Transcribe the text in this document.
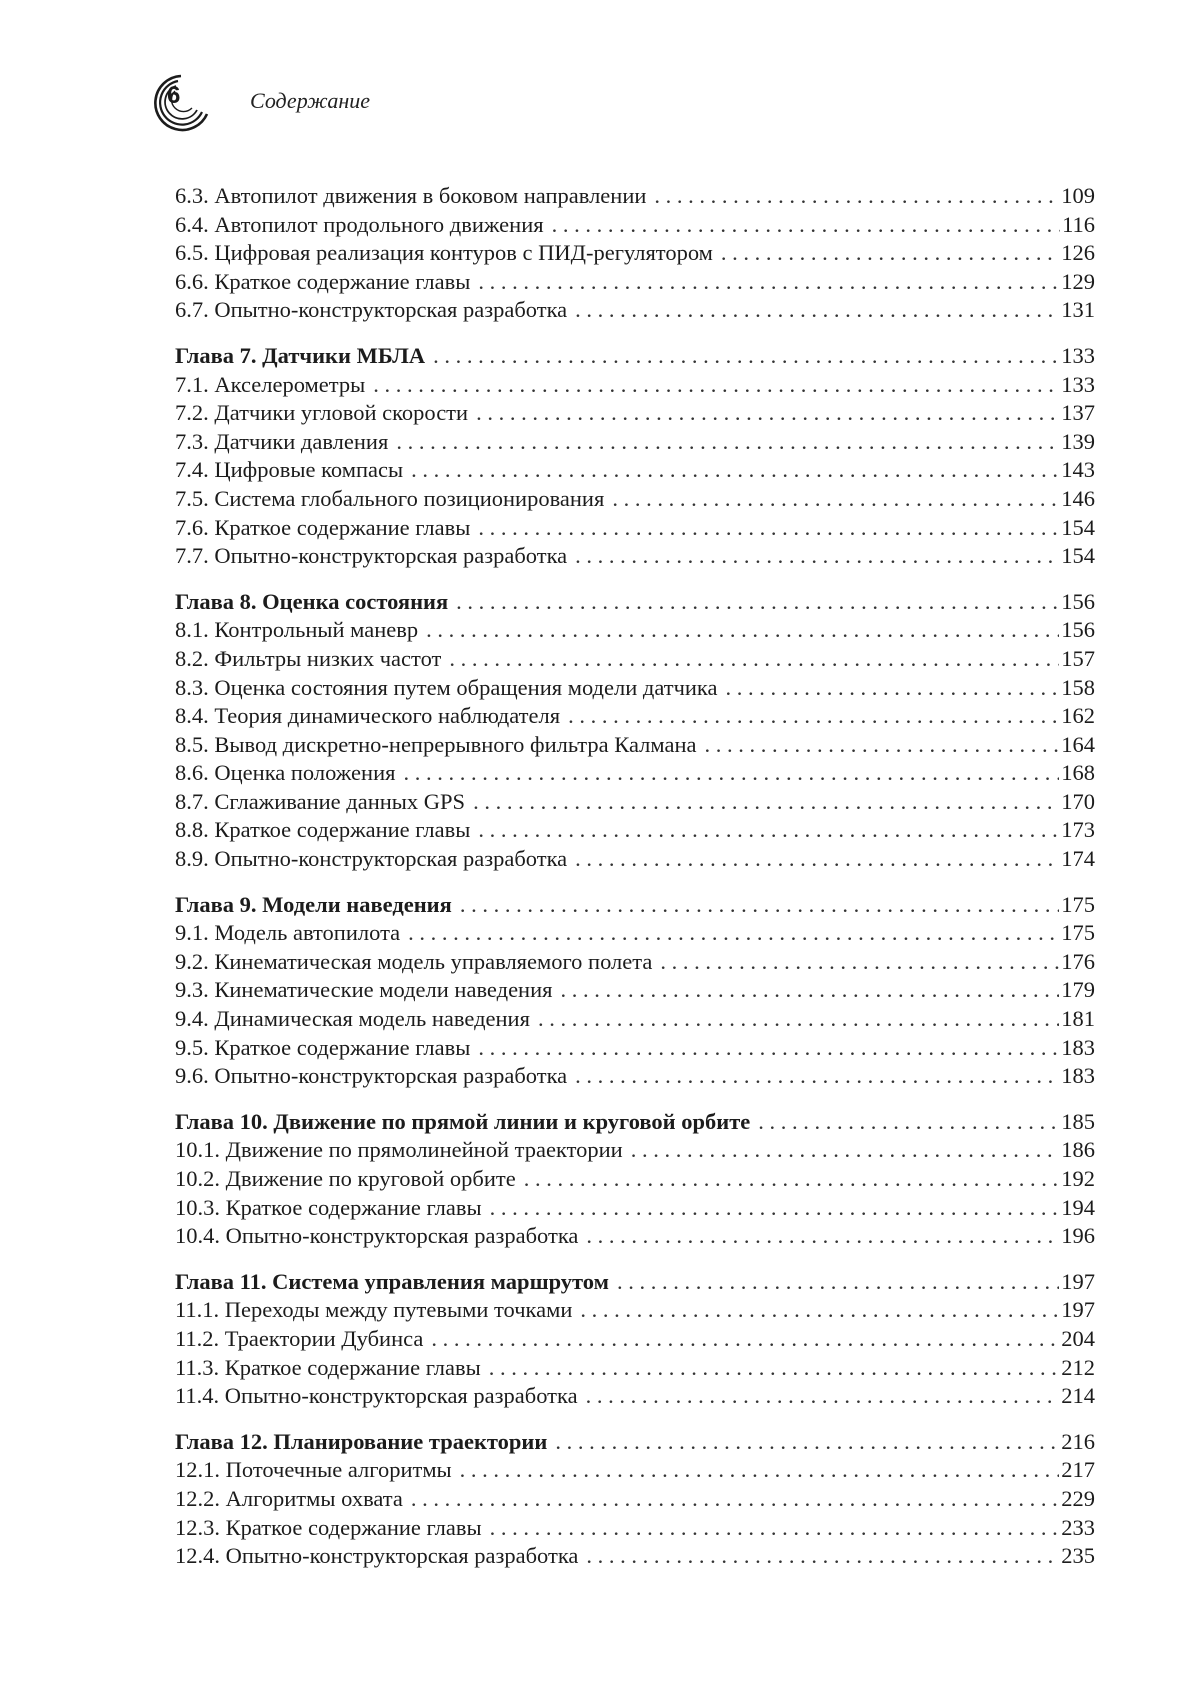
6	Содержание
6.3. Автопилот движения в боковом направлении . . .	109
6.4. Автопилот продольного движения . . .	116
6.5. Цифровая реализация контуров с ПИД-регулятором . . .	126
6.6. Краткое содержание главы . . .	129
6.7. Опытно-конструкторская разработка . . .	131
Глава 7. Датчики МБЛА . . .	133
7.1. Акселерометры . . .	133
7.2. Датчики угловой скорости . . .	137
7.3. Датчики давления . . .	139
7.4. Цифровые компасы . . .	143
7.5. Система глобального позиционирования . . .	146
7.6. Краткое содержание главы . . .	154
7.7. Опытно-конструкторская разработка . . .	154
Глава 8. Оценка состояния . . .	156
8.1. Контрольный маневр . . .	156
8.2. Фильтры низких частот . . .	157
8.3. Оценка состояния путем обращения модели датчика . . .	158
8.4. Теория динамического наблюдателя . . .	162
8.5. Вывод дискретно-непрерывного фильтра Калмана . . .	164
8.6. Оценка положения . . .	168
8.7. Сглаживание данных GPS . . .	170
8.8. Краткое содержание главы . . .	173
8.9. Опытно-конструкторская разработка . . .	174
Глава 9. Модели наведения . . .	175
9.1. Модель автопилота . . .	175
9.2. Кинематическая модель управляемого полета . . .	176
9.3. Кинематические модели наведения . . .	179
9.4. Динамическая модель наведения . . .	181
9.5. Краткое содержание главы . . .	183
9.6. Опытно-конструкторская разработка . . .	183
Глава 10. Движение по прямой линии и круговой орбите . . .	185
10.1. Движение по прямолинейной траектории . . .	186
10.2. Движение по круговой орбите . . .	192
10.3. Краткое содержание главы . . .	194
10.4. Опытно-конструкторская разработка . . .	196
Глава 11. Система управления маршрутом . . .	197
11.1. Переходы между путевыми точками . . .	197
11.2. Траектории Дубинса . . .	204
11.3. Краткое содержание главы . . .	212
11.4. Опытно-конструкторская разработка . . .	214
Глава 12. Планирование траектории . . .	216
12.1. Поточечные алгоритмы . . .	217
12.2. Алгоритмы охвата . . .	229
12.3. Краткое содержание главы . . .	233
12.4. Опытно-конструкторская разработка . . .	235
